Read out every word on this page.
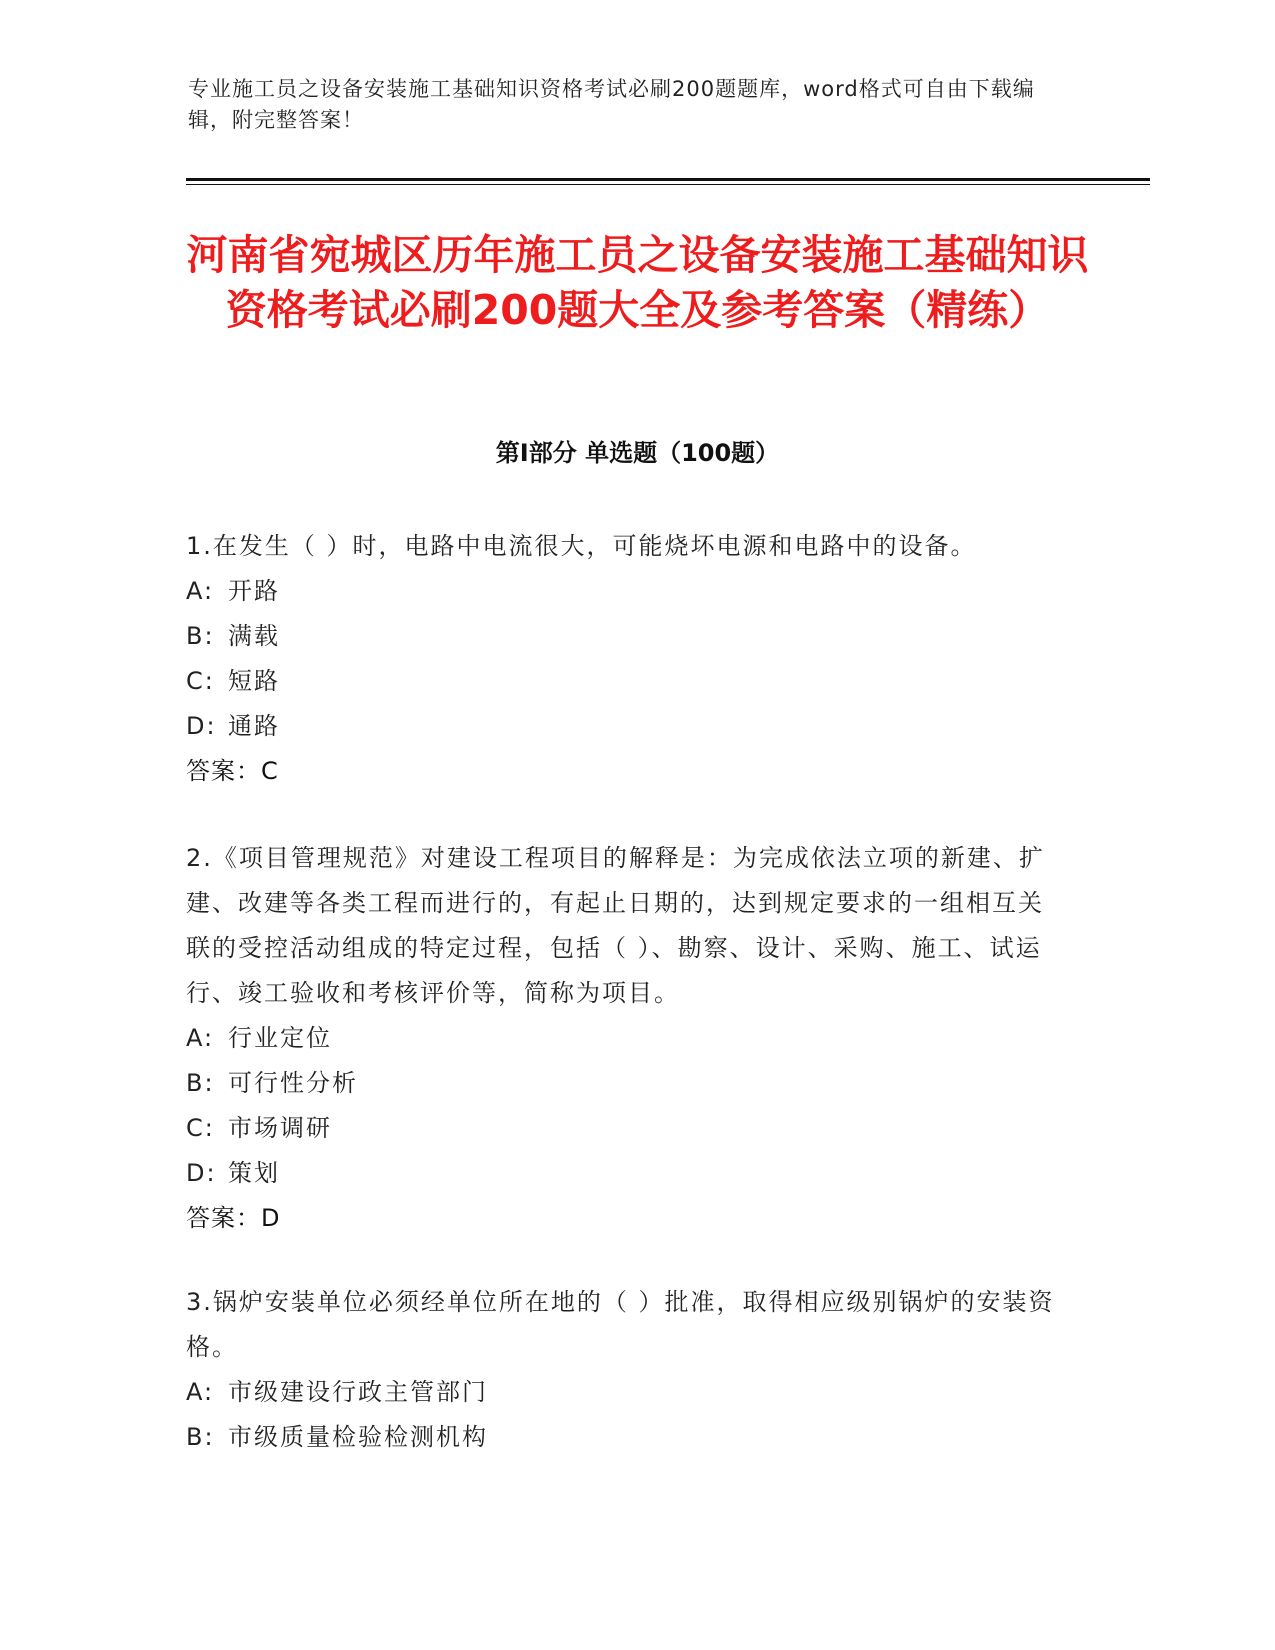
专业施工员之设备安装施工基础知识资格考试必刷200题题库，word格式可自由下载编辑，附完整答案！
河南省宛城区历年施工员之设备安装施工基础知识资格考试必刷200题大全及参考答案（精练）
第Ⅰ部分 单选题（100题）
1.在发生（ ）时，电路中电流很大，可能烧坏电源和电路中的设备。
A: 开路
B: 满载
C: 短路
D: 通路
答案：C
2.《项目管理规范》对建设工程项目的解释是：为完成依法立项的新建、扩建、改建等各类工程而进行的，有起止日期的，达到规定要求的一组相互关联的受控活动组成的特定过程，包括（ ）、勘察、设计、采购、施工、试运行、竣工验收和考核评价等，简称为项目。
A: 行业定位
B: 可行性分析
C: 市场调研
D: 策划
答案：D
3.锅炉安装单位必须经单位所在地的（ ）批准，取得相应级别锅炉的安装资格。
A: 市级建设行政主管部门
B: 市级质量检验检测机构
